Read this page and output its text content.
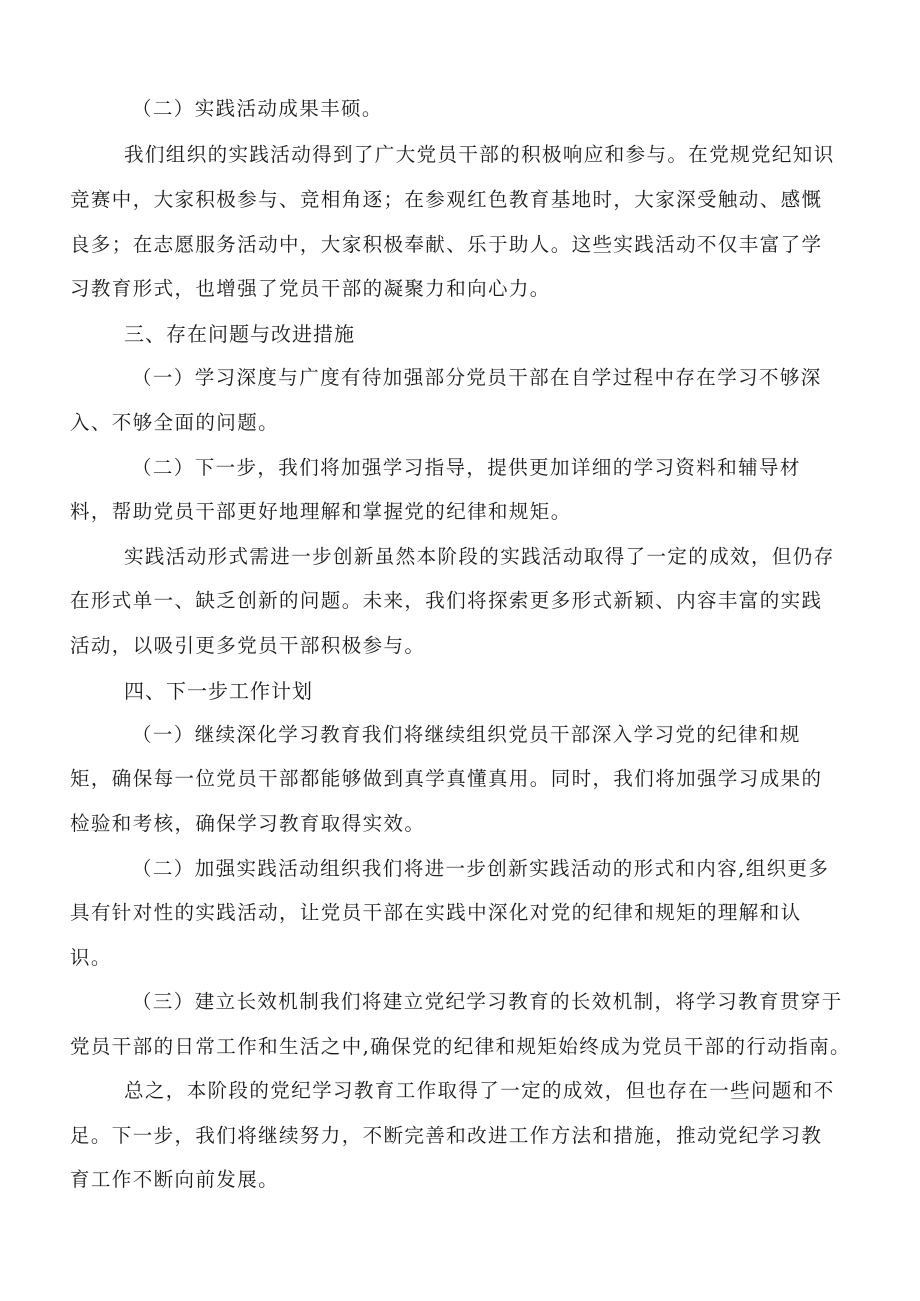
（二）实践活动成果丰硕。

我们组织的实践活动得到了广大党员干部的积极响应和参与。在党规党纪知识

竞赛中，大家积极参与、竞相角逐；在参观红色教育基地时，大家深受触动、感慨

良多；在志愿服务活动中，大家积极奉献、乐于助人。这些实践活动不仅丰富了学

习教育形式，也增强了党员干部的凝聚力和向心力。

三、存在问题与改进措施

（一）学习深度与广度有待加强部分党员干部在自学过程中存在学习不够深

入、不够全面的问题。

（二）下一步，我们将加强学习指导，提供更加详细的学习资料和辅导材

料，帮助党员干部更好地理解和掌握党的纪律和规矩。

实践活动形式需进一步创新虽然本阶段的实践活动取得了一定的成效，但仍存

在形式单一、缺乏创新的问题。未来，我们将探索更多形式新颖、内容丰富的实践

活动，以吸引更多党员干部积极参与。

四、下一步工作计划

（一）继续深化学习教育我们将继续组织党员干部深入学习党的纪律和规

矩，确保每一位党员干部都能够做到真学真懂真用。同时，我们将加强学习成果的

检验和考核，确保学习教育取得实效。

（二）加强实践活动组织我们将进一步创新实践活动的形式和内容,组织更多

具有针对性的实践活动，让党员干部在实践中深化对党的纪律和规矩的理解和认

识。

（三）建立长效机制我们将建立党纪学习教育的长效机制，将学习教育贯穿于

党员干部的日常工作和生活之中,确保党的纪律和规矩始终成为党员干部的行动指南。

总之，本阶段的党纪学习教育工作取得了一定的成效，但也存在一些问题和不

足。下一步，我们将继续努力，不断完善和改进工作方法和措施，推动党纪学习教

育工作不断向前发展。
